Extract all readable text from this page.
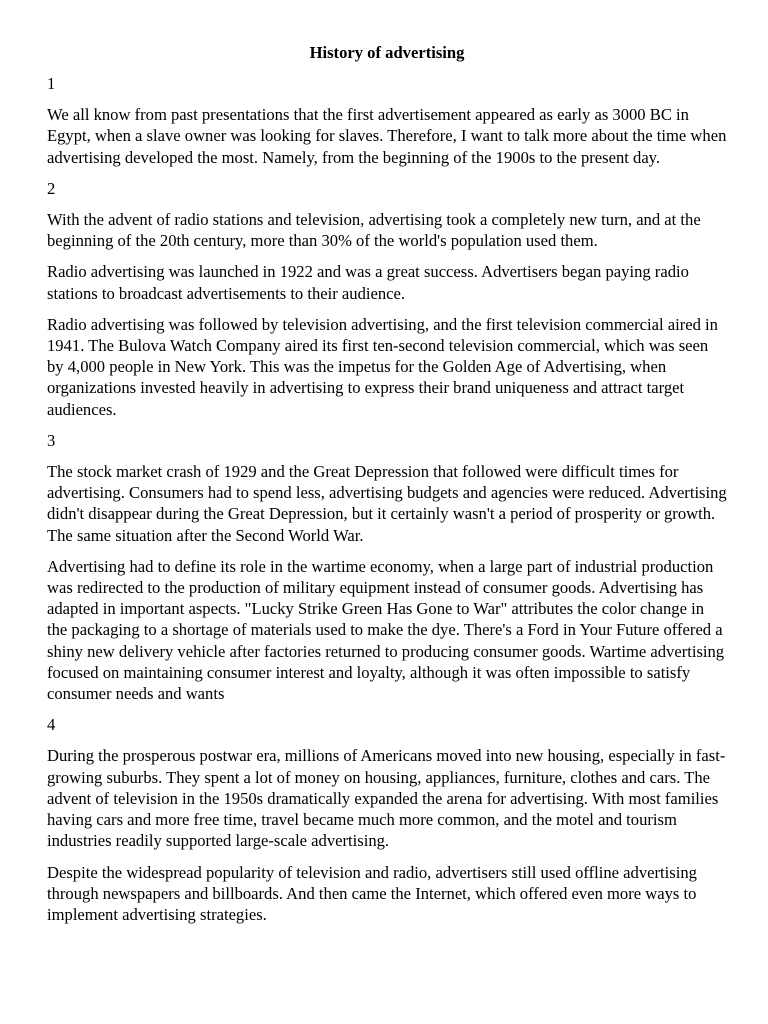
History of advertising
1

We all know from past presentations that the first advertisement appeared as early as 3000 BC in Egypt, when a slave owner was looking for slaves. Therefore, I want to talk more about the time when advertising developed the most. Namely, from the beginning of the 1900s to the present day.

2

With the advent of radio stations and television, advertising took a completely new turn, and at the beginning of the 20th century, more than 30% of the world's population used them.

Radio advertising was launched in 1922 and was a great success. Advertisers began paying radio stations to broadcast advertisements to their audience.

Radio advertising was followed by television advertising, and the first television commercial aired in 1941. The Bulova Watch Company aired its first ten-second television commercial, which was seen by 4,000 people in New York. This was the impetus for the Golden Age of Advertising, when organizations invested heavily in advertising to express their brand uniqueness and attract target audiences.

3

The stock market crash of 1929 and the Great Depression that followed were difficult times for advertising. Consumers had to spend less, advertising budgets and agencies were reduced. Advertising didn't disappear during the Great Depression, but it certainly wasn't a period of prosperity or growth. The same situation after the Second World War.

Advertising had to define its role in the wartime economy, when a large part of industrial production was redirected to the production of military equipment instead of consumer goods. Advertising has adapted in important aspects. "Lucky Strike Green Has Gone to War" attributes the color change in the packaging to a shortage of materials used to make the dye. There's a Ford in Your Future offered a shiny new delivery vehicle after factories returned to producing consumer goods. Wartime advertising focused on maintaining consumer interest and loyalty, although it was often impossible to satisfy consumer needs and wants

4

During the prosperous postwar era, millions of Americans moved into new housing, especially in fast-growing suburbs. They spent a lot of money on housing, appliances, furniture, clothes and cars. The advent of television in the 1950s dramatically expanded the arena for advertising. With most families having cars and more free time, travel became much more common, and the motel and tourism industries readily supported large-scale advertising.

Despite the widespread popularity of television and radio, advertisers still used offline advertising through newspapers and billboards. And then came the Internet, which offered even more ways to implement advertising strategies.
